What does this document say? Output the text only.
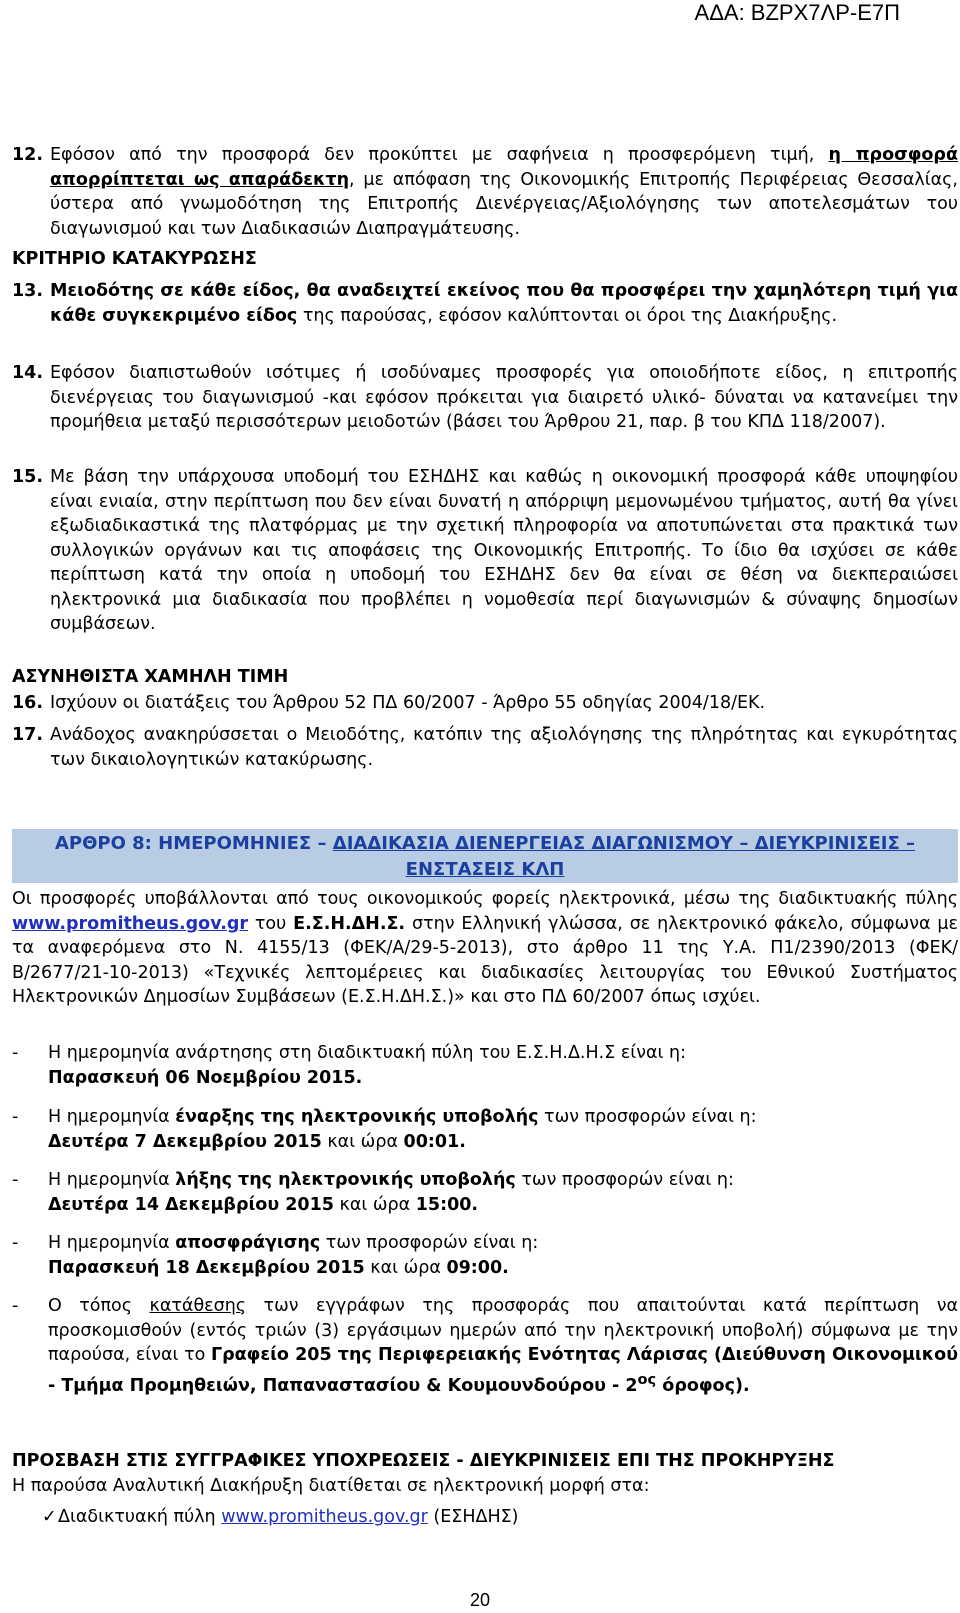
ΑΔΑ: ΒΖΡΧ7ΛΡ-Ε7Π
12. Εφόσον από την προσφορά δεν προκύπτει με σαφήνεια η προσφερόμενη τιμή, η προσφορά απορρίπτεται ως απαράδεκτη, με απόφαση της Οικονομικής Επιτροπής Περιφέρειας Θεσσαλίας, ύστερα από γνωμοδότηση της Επιτροπής Διενέργειας/Αξιολόγησης των αποτελεσμάτων του διαγωνισμού και των Διαδικασιών Διαπραγμάτευσης.
ΚΡΙΤΗΡΙΟ ΚΑΤΑΚΥΡΩΣΗΣ
13. Μειοδότης σε κάθε είδος, θα αναδειχτεί εκείνος που θα προσφέρει την χαμηλότερη τιμή για κάθε συγκεκριμένο είδος της παρούσας, εφόσον καλύπτονται οι όροι της Διακήρυξης.
14. Εφόσον διαπιστωθούν ισότιμες ή ισοδύναμες προσφορές για οποιοδήποτε είδος, η επιτροπής διενέργειας του διαγωνισμού -και εφόσον πρόκειται για διαιρετό υλικό- δύναται να κατανείμει την προμήθεια μεταξύ περισσότερων μειοδοτών (βάσει του Άρθρου 21, παρ. β του ΚΠΔ 118/2007).
15. Με βάση την υπάρχουσα υποδομή του ΕΣΗΔΗΣ και καθώς η οικονομική προσφορά κάθε υποψηφίου είναι ενιαία, στην περίπτωση που δεν είναι δυνατή η απόρριψη μεμονωμένου τμήματος, αυτή θα γίνει εξωδιαδικαστικά της πλατφόρμας με την σχετική πληροφορία να αποτυπώνεται στα πρακτικά των συλλογικών οργάνων και τις αποφάσεις της Οικονομικής Επιτροπής. Το ίδιο θα ισχύσει σε κάθε περίπτωση κατά την οποία η υποδομή του ΕΣΗΔΗΣ δεν θα είναι σε θέση να διεκπεραιώσει ηλεκτρονικά μια διαδικασία που προβλέπει η νομοθεσία περί διαγωνισμών & σύναψης δημοσίων συμβάσεων.
ΑΣΥΝΗΘΙΣΤΑ ΧΑΜΗΛΗ ΤΙΜΗ
16. Ισχύουν οι διατάξεις του Άρθρου 52 ΠΔ 60/2007 - Άρθρο 55 οδηγίας 2004/18/ΕΚ.
17. Ανάδοχος ανακηρύσσεται ο Μειοδότης, κατόπιν της αξιολόγησης της πληρότητας και εγκυρότητας των δικαιολογητικών κατακύρωσης.
ΑΡΘΡΟ 8: ΗΜΕΡΟΜΗΝΙΕΣ – ΔΙΑΔΙΚΑΣΙΑ ΔΙΕΝΕΡΓΕΙΑΣ ΔΙΑΓΩΝΙΣΜΟΥ – ΔΙΕΥΚΡΙΝΙΣΕΙΣ – ΕΝΣΤΑΣΕΙΣ ΚΛΠ
Οι προσφορές υποβάλλονται από τους οικονομικούς φορείς ηλεκτρονικά, μέσω της διαδικτυακής πύλης www.promitheus.gov.gr του Ε.Σ.Η.ΔΗ.Σ. στην Ελληνική γλώσσα, σε ηλεκτρονικό φάκελο, σύμφωνα με τα αναφερόμενα στο Ν. 4155/13 (ΦΕΚ/Α/29-5-2013), στο άρθρο 11 της Υ.Α. Π1/2390/2013 (ΦΕΚ/Β/2677/21-10-2013) «Τεχνικές λεπτομέρειες και διαδικασίες λειτουργίας του Εθνικού Συστήματος Ηλεκτρονικών Δημοσίων Συμβάσεων (Ε.Σ.Η.ΔΗ.Σ.)» και στο ΠΔ 60/2007 όπως ισχύει.
-	Η ημερομηνία ανάρτησης στη διαδικτυακή πύλη του Ε.Σ.Η.Δ.Η.Σ είναι η:
Παρασκευή 06 Νοεμβρίου 2015.
-	Η ημερομηνία έναρξης της ηλεκτρονικής υποβολής των προσφορών είναι η:
Δευτέρα 7 Δεκεμβρίου 2015 και ώρα 00:01.
-	Η ημερομηνία λήξης της ηλεκτρονικής υποβολής των προσφορών είναι η:
Δευτέρα 14 Δεκεμβρίου 2015 και ώρα 15:00.
-	Η ημερομηνία αποσφράγισης των προσφορών είναι η:
Παρασκευή 18 Δεκεμβρίου 2015 και ώρα 09:00.
-	Ο τόπος κατάθεσης των εγγράφων της προσφοράς που απαιτούνται κατά περίπτωση να προσκομισθούν (εντός τριών (3) εργάσιμων ημερών από την ηλεκτρονική υποβολή) σύμφωνα με την παρούσα, είναι το Γραφείο 205 της Περιφερειακής Ενότητας Λάρισας (Διεύθυνση Οικονομικού - Τμήμα Προμηθειών, Παπαναστασίου & Κουμουνδούρου - $2^{o\varsigma}$ όροφος).
ΠΡΟΣΒΑΣΗ ΣΤΙΣ ΣΥΓΓΡΑΦΙΚΕΣ ΥΠΟΧΡΕΩΣΕΙΣ - ΔΙΕΥΚΡΙΝΙΣΕΙΣ ΕΠΙ ΤΗΣ ΠΡΟΚΗΡΥΞΗΣ
Η παρούσα Αναλυτική Διακήρυξη διατίθεται σε ηλεκτρονική μορφή στα:
✓ Διαδικτυακή πύλη www.promitheus.gov.gr (ΕΣΗΔΗΣ)
20
